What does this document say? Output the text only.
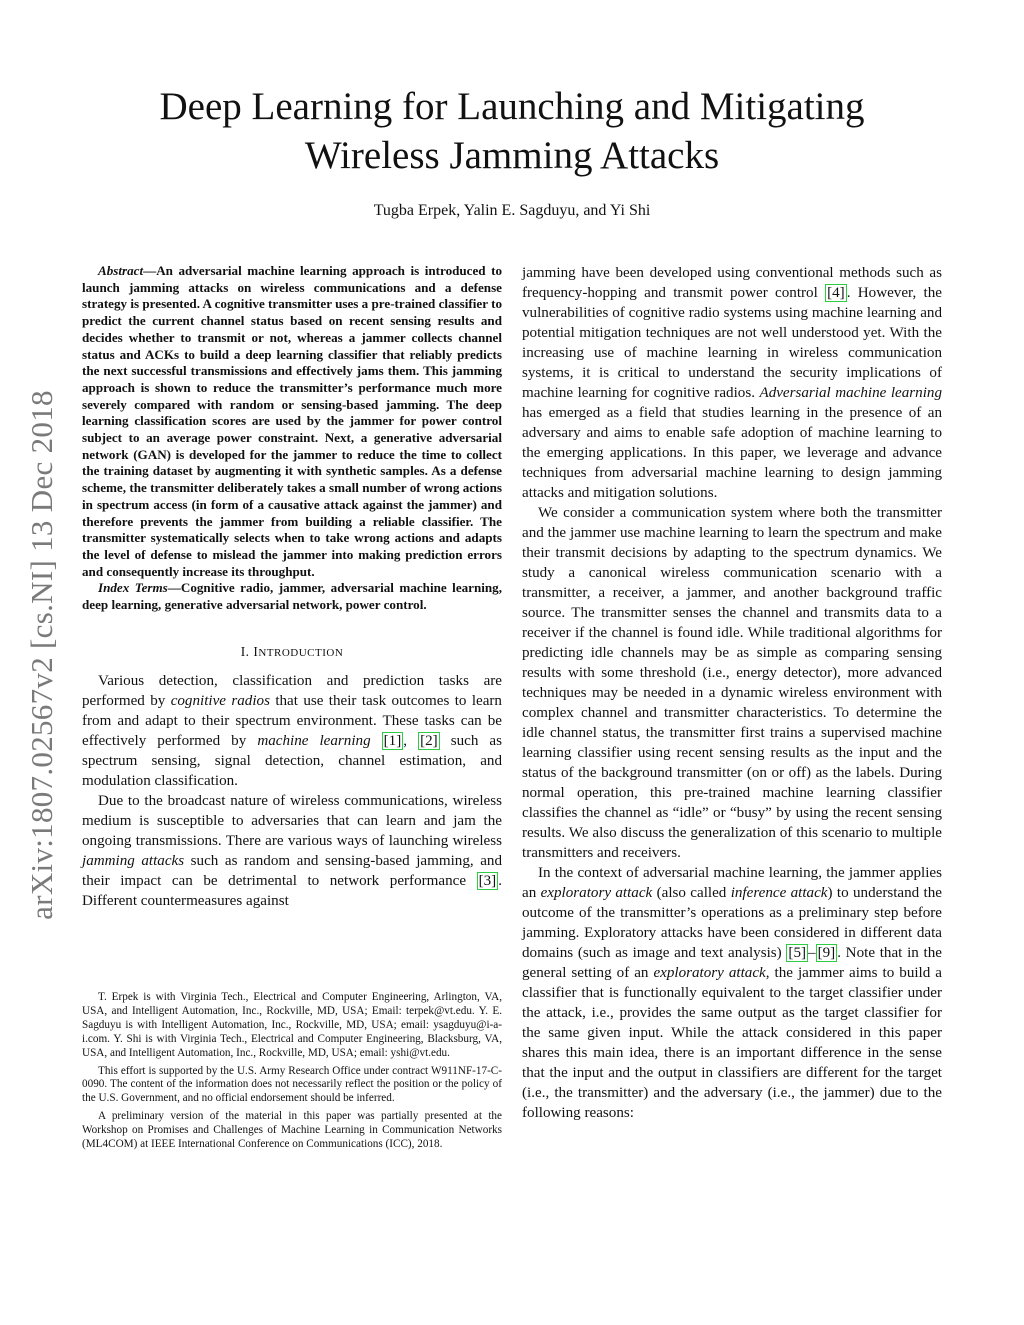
arXiv:1807.02567v2 [cs.NI] 13 Dec 2018
Deep Learning for Launching and Mitigating
Wireless Jamming Attacks
Tugba Erpek, Yalin E. Sagduyu, and Yi Shi

Abstract—An adversarial machine learning approach is introduced to launch jamming attacks on wireless communications and a defense strategy is presented. A cognitive transmitter uses a pre-trained classifier to predict the current channel status based on recent sensing results and decides whether to transmit or not, whereas a jammer collects channel status and ACKs to build a deep learning classifier that reliably predicts the next successful transmissions and effectively jams them. This jamming approach is shown to reduce the transmitter’s performance much more severely compared with random or sensing-based jamming. The deep learning classification scores are used by the jammer for power control subject to an average power constraint. Next, a generative adversarial network (GAN) is developed for the jammer to reduce the time to collect the training dataset by augmenting it with synthetic samples. As a defense scheme, the transmitter deliberately takes a small number of wrong actions in spectrum access (in form of a causative attack against the jammer) and therefore prevents the jammer from building a reliable classifier. The transmitter systematically selects when to take wrong actions and adapts the level of defense to mislead the jammer into making prediction errors and consequently increase its throughput.

Index Terms—Cognitive radio, jammer, adversarial machine learning, deep learning, generative adversarial network, power control.

I. INTRODUCTION

Various detection, classification and prediction tasks are performed by cognitive radios that use their task outcomes to learn from and adapt to their spectrum environment. These tasks can be effectively performed by machine learning [1] , [2] such as spectrum sensing, signal detection, channel estimation, and modulation classification.

Due to the broadcast nature of wireless communications, wireless medium is susceptible to adversaries that can learn and jam the ongoing transmissions. There are various ways of launching wireless jamming attacks such as random and sensing-based jamming, and their impact can be detrimental to network performance [3] . Different countermeasures against

T. Erpek is with Virginia Tech., Electrical and Computer Engineering, Arlington, VA, USA, and Intelligent Automation, Inc., Rockville, MD, USA; Email: terpek@vt.edu. Y. E. Sagduyu is with Intelligent Automation, Inc., Rockville, MD, USA; email: ysagduyu@i-a-i.com. Y. Shi is with Virginia Tech., Electrical and Computer Engineering, Blacksburg, VA, USA, and Intelligent Automation, Inc., Rockville, MD, USA; email: yshi@vt.edu.

This effort is supported by the U.S. Army Research Office under contract W911NF-17-C-0090. The content of the information does not necessarily reflect the position or the policy of the U.S. Government, and no official endorsement should be inferred.

A preliminary version of the material in this paper was partially presented at the Workshop on Promises and Challenges of Machine Learning in Communication Networks (ML4COM) at IEEE International Conference on Communications (ICC), 2018.

jamming have been developed using conventional methods such as frequency-hopping and transmit power control [4] . However, the vulnerabilities of cognitive radio systems using machine learning and potential mitigation techniques are not well understood yet. With the increasing use of machine learning in wireless communication systems, it is critical to understand the security implications of machine learning for cognitive radios. Adversarial machine learning has emerged as a field that studies learning in the presence of an adversary and aims to enable safe adoption of machine learning to the emerging applications. In this paper, we leverage and advance techniques from adversarial machine learning to design jamming attacks and mitigation solutions.

We consider a communication system where both the transmitter and the jammer use machine learning to learn the spectrum and make their transmit decisions by adapting to the spectrum dynamics. We study a canonical wireless communication scenario with a transmitter, a receiver, a jammer, and another background traffic source. The transmitter senses the channel and transmits data to a receiver if the channel is found idle. While traditional algorithms for predicting idle channels may be as simple as comparing sensing results with some threshold (i.e., energy detector), more advanced techniques may be needed in a dynamic wireless environment with complex channel and transmitter characteristics. To determine the idle channel status, the transmitter first trains a supervised machine learning classifier using recent sensing results as the input and the status of the background transmitter (on or off) as the labels. During normal operation, this pre-trained machine learning classifier classifies the channel as “idle” or “busy” by using the recent sensing results. We also discuss the generalization of this scenario to multiple transmitters and receivers.

In the context of adversarial machine learning, the jammer applies an exploratory attack (also called inference attack) to understand the outcome of the transmitter’s operations as a preliminary step before jamming. Exploratory attacks have been considered in different data domains (such as image and text analysis) [5] – [9] . Note that in the general setting of an exploratory attack, the jammer aims to build a classifier that is functionally equivalent to the target classifier under the attack, i.e., provides the same output as the target classifier for the same given input. While the attack considered in this paper shares this main idea, there is an important difference in the sense that the input and the output in classifiers are different for the target (i.e., the transmitter) and the adversary (i.e., the jammer) due to the following reasons:
